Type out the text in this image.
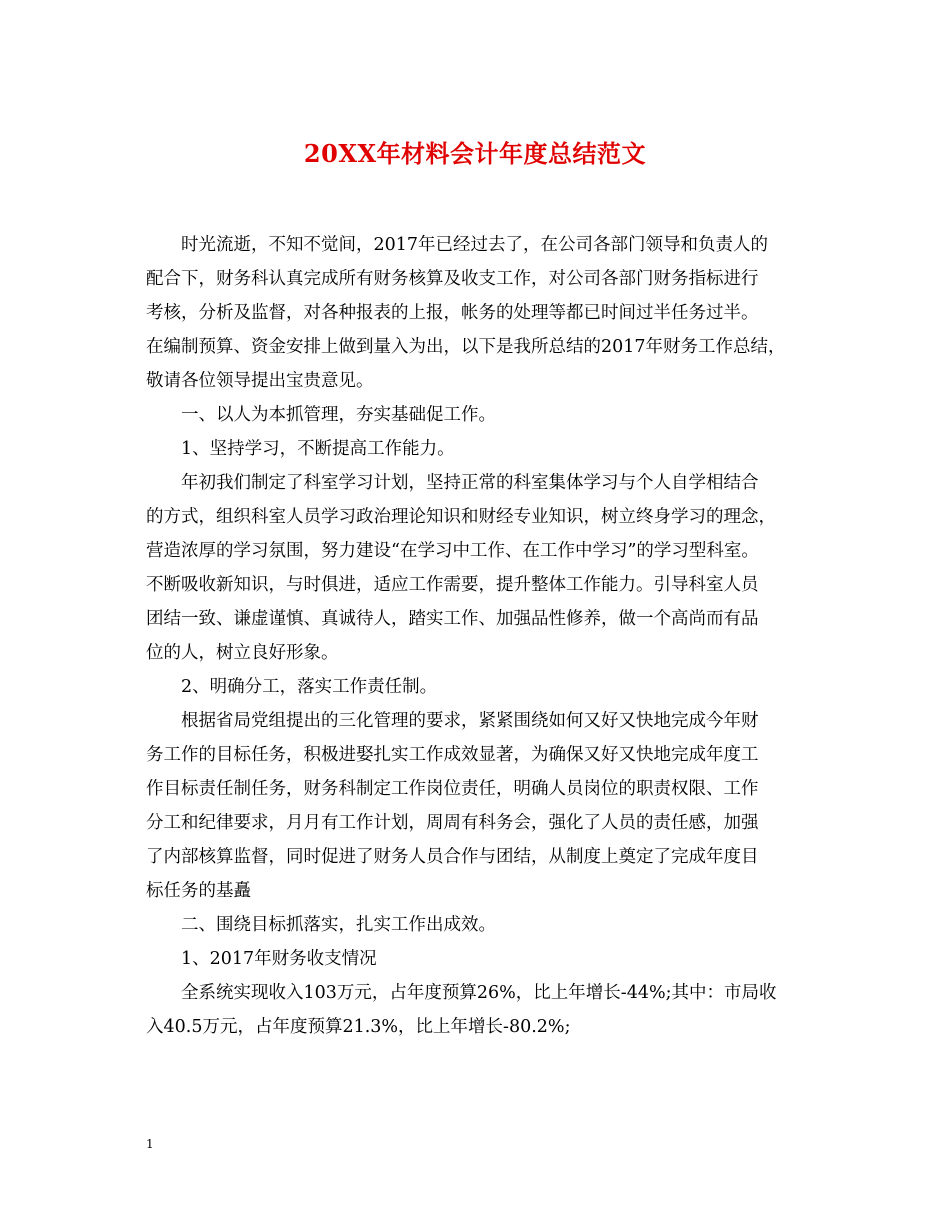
20XX年材料会计年度总结范文
　　时光流逝，不知不觉间，2017年已经过去了，在公司各部门领导和负责人的
配合下，财务科认真完成所有财务核算及收支工作，对公司各部门财务指标进行
考核，分析及监督，对各种报表的上报，帐务的处理等都已时间过半任务过半。
在编制预算、资金安排上做到量入为出，以下是我所总结的2017年财务工作总结，
敬请各位领导提出宝贵意见。
　　一、以人为本抓管理，夯实基础促工作。
　　1、坚持学习，不断提高工作能力。
　　年初我们制定了科室学习计划，坚持正常的科室集体学习与个人自学相结合
的方式，组织科室人员学习政治理论知识和财经专业知识，树立终身学习的理念，
营造浓厚的学习氛围，努力建设“在学习中工作、在工作中学习”的学习型科室。
不断吸收新知识，与时俱进，适应工作需要，提升整体工作能力。引导科室人员
团结一致、谦虚谨慎、真诚待人，踏实工作、加强品性修养，做一个高尚而有品
位的人，树立良好形象。
　　2、明确分工，落实工作责任制。
　　根据省局党组提出的三化管理的要求，紧紧围绕如何又好又快地完成今年财
务工作的目标任务，积极进娶扎实工作成效显著，为确保又好又快地完成年度工
作目标责任制任务，财务科制定工作岗位责任，明确人员岗位的职责权限、工作
分工和纪律要求，月月有工作计划，周周有科务会，强化了人员的责任感，加强
了内部核算监督，同时促进了财务人员合作与团结，从制度上奠定了完成年度目
标任务的基矗
　　二、围绕目标抓落实，扎实工作出成效。
　　1、2017年财务收支情况
　　全系统实现收入103万元，占年度预算26%，比上年增长-44%;其中：市局收
入40.5万元，占年度预算21.3%，比上年增长-80.2%;
1
